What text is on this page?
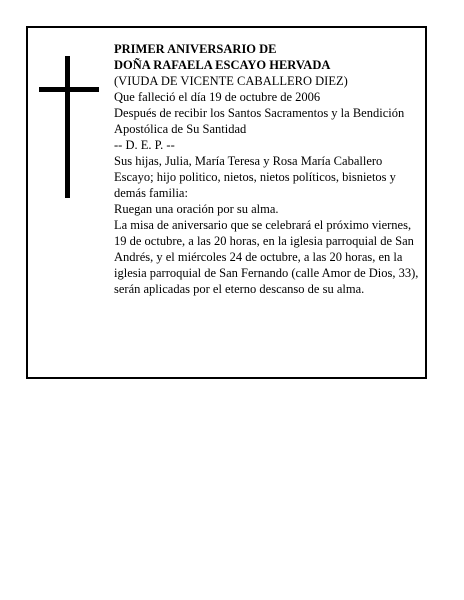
PRIMER ANIVERSARIO DE

DOÑA RAFAELA ESCAYO HERVADA

(VIUDA DE VICENTE CABALLERO DIEZ)

Que falleció el día 19 de octubre de 2006

Después de recibir los Santos Sacramentos y la Bendición Apostólica de Su Santidad

-- D. E. P. --

Sus hijas, Julia, María Teresa y Rosa María Caballero Escayo; hijo politico, nietos, nietos políticos, bisnietos y demás familia:

Ruegan una oración por su alma.

La misa de aniversario que se celebrará el próximo viernes, 19 de octubre, a las 20 horas, en la iglesia parroquial de San Andrés, y el miércoles 24 de octubre, a las 20 horas, en la iglesia parroquial de San Fernando (calle Amor de Dios, 33), serán aplicadas por el eterno descanso de su alma.
